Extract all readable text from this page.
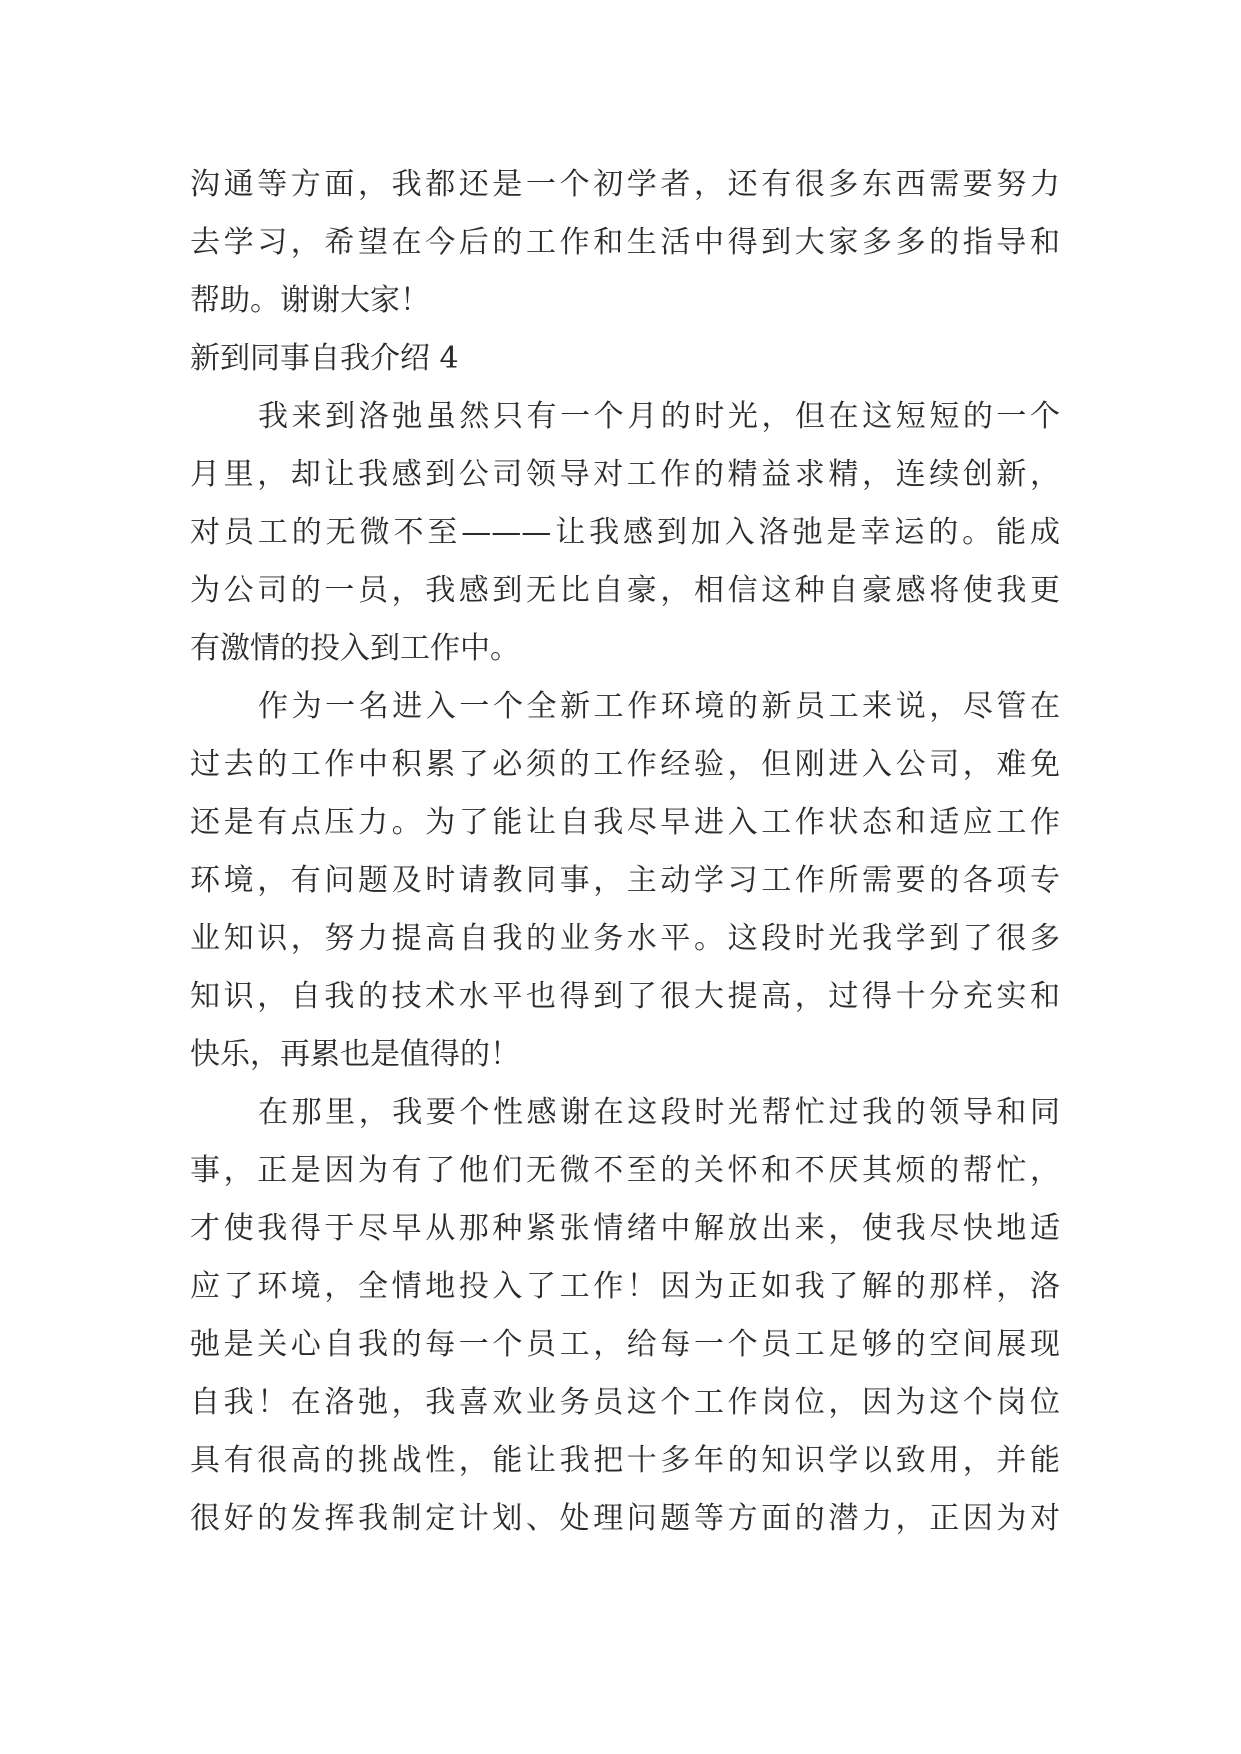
沟通等方面，我都还是一个初学者，还有很多东西需要努力
去学习，希望在今后的工作和生活中得到大家多多的指导和
帮助。谢谢大家！
新到同事自我介绍 4
我来到洛弛虽然只有一个月的时光，但在这短短的一个
月里，却让我感到公司领导对工作的精益求精，连续创新，
对员工的无微不至———让我感到加入洛弛是幸运的。能成
为公司的一员，我感到无比自豪，相信这种自豪感将使我更
有激情的投入到工作中。
作为一名进入一个全新工作环境的新员工来说，尽管在
过去的工作中积累了必须的工作经验，但刚进入公司，难免
还是有点压力。为了能让自我尽早进入工作状态和适应工作
环境，有问题及时请教同事，主动学习工作所需要的各项专
业知识，努力提高自我的业务水平。这段时光我学到了很多
知识，自我的技术水平也得到了很大提高，过得十分充实和
快乐，再累也是值得的！
在那里，我要个性感谢在这段时光帮忙过我的领导和同
事，正是因为有了他们无微不至的关怀和不厌其烦的帮忙，
才使我得于尽早从那种紧张情绪中解放出来，使我尽快地适
应了环境，全情地投入了工作！因为正如我了解的那样，洛
弛是关心自我的每一个员工，给每一个员工足够的空间展现
自我！在洛弛，我喜欢业务员这个工作岗位，因为这个岗位
具有很高的挑战性，能让我把十多年的知识学以致用，并能
很好的发挥我制定计划、处理问题等方面的潜力，正因为对
